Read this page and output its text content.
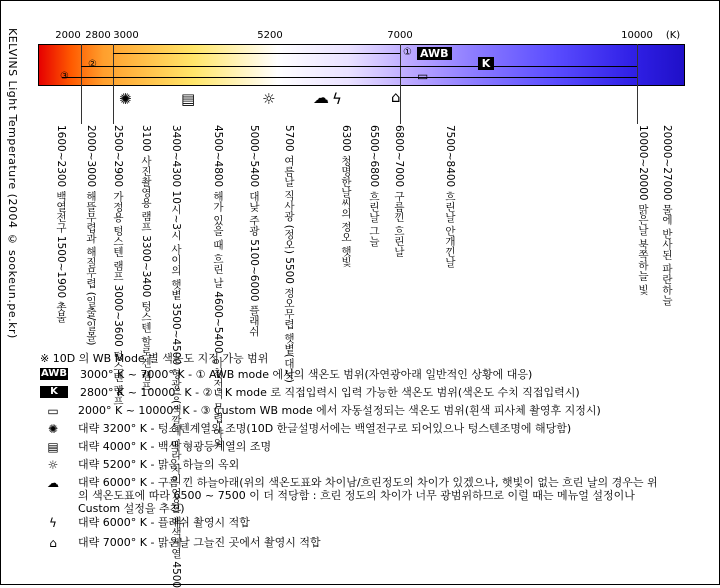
KELVINS Light Temperature (2004 © sookeun.pe.kr)	2000 2800 3000	5200	7000	10000 (K)
① AWB
②	K
③	▭
✺	▤	☼ ☁ ϟ	⌂
1600~2300 백열전구 1500~1900 촛불 2000~3000 해뜰무렵과 해질무렵 (일출/일몰) 2500~2900 가정용 텅스텐 램프 3000~3600 텅스텐 램프 3100 사진촬영용 램프 3300~3400 텅스텐 할로겐 램프 3400~4300 10시~3시 사이의 햇볕 3500~4500 형광등(색깔에 따라 차이 있음) 백색계열 4500	4500~4800 해가 있을 때 흐린 날 4600~5400 아침저녁 무렵 야외 5000~5400 대낮 주광 5100~6000 플래쉬 5700 여름날 직사광 (정오) 5500 정오무렵 햇볕(대낮)	6300 청명한날씨의 정오 햇빛 6500~6800 흐린날 그늘 6800~7000 구름낀 흐린날	7500~8400 흐린날 안개낀날	10000~20000 맑은날 북쪽하늘 빛 20000~27000 물에 반사된 파란하늘
※ 10D 의 WB Mode 별 색온도 지정 가능 범위
AWB 3000° K ~ 7000° K - ① AWB mode 에서의 색온도 범위(자연광아래 일반적인 상황에 대응)
K	2800° K ~ 10000° K - ② ° K mode 로 직접입력시 입력 가능한 색온도 범위(색온도 수치 직접입력시)
▭	2000° K ~ 10000° K - ③ Custom WB mode 에서 자동설정되는 색온도 범위(흰색 피사체 촬영후 지정시)
✺	대략 3200° K - 텅스텐계열의 조명(10D 한글설명서에는 백열전구로 되어있으나 텅스텐조명에 해당함)
▤	대략 4000° K - 백색 형광등계열의 조명
☼	대략 5200° K - 맑은 하늘의 옥외
☁	대략 6000° K - 구름 낀 하늘아래(위의 색온도표와 차이남/흐린정도의 차이가 있겠으나, 햇빛이 없는 흐린 날의 경우는 위의 색온도표에 따라 6500 ~ 7500 이 더 적당함 : 흐린 정도의 차이가 너무 광범위하므로 이럴 때는 메뉴얼 설정이나 Custom 설정을 추천)
ϟ	대략 6000° K - 플래쉬 촬영시 적합
⌂	대략 7000° K - 맑은날 그늘진 곳에서 촬영시 적합
